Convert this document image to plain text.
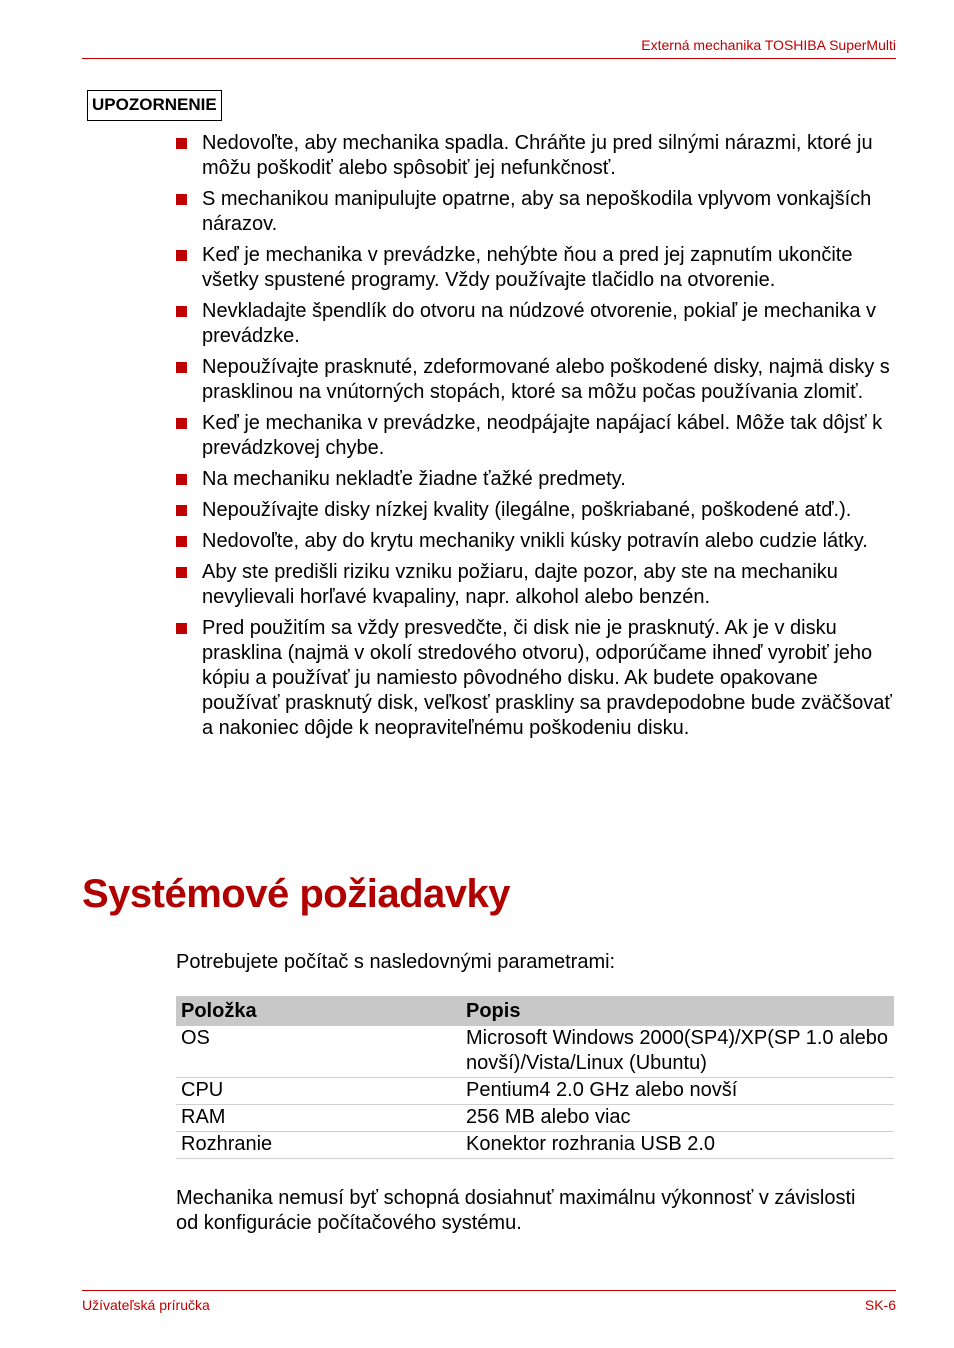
Externá mechanika TOSHIBA SuperMulti
UPOZORNENIE
Nedovoľte, aby mechanika spadla. Chráňte ju pred silnými nárazmi, ktoré ju môžu poškodiť alebo spôsobiť jej nefunkčnosť.
S mechanikou manipulujte opatrne, aby sa nepoškodila vplyvom vonkajších nárazov.
Keď je mechanika v prevádzke, nehýbte ňou a pred jej zapnutím ukončite všetky spustené programy. Vždy používajte tlačidlo na otvorenie.
Nevkladajte špendlík do otvoru na núdzové otvorenie, pokiaľ je mechanika v prevádzke.
Nepoužívajte prasknuté, zdeformované alebo poškodené disky, najmä disky s prasklinou na vnútorných stopách, ktoré sa môžu počas používania zlomiť.
Keď je mechanika v prevádzke, neodpájajte napájací kábel. Môže tak dôjsť k prevádzkovej chybe.
Na mechaniku nekladťe žiadne ťažké predmety.
Nepoužívajte disky nízkej kvality (ilegálne, poškriabané, poškodené atď.).
Nedovoľte, aby do krytu mechaniky vnikli kúsky potravín alebo cudzie látky.
Aby ste predišli riziku vzniku požiaru, dajte pozor, aby ste na mechaniku nevylievali horľavé kvapaliny, napr. alkohol alebo benzén.
Pred použitím sa vždy presvedčte, či disk nie je prasknutý. Ak je v disku prasklina (najmä v okolí stredového otvoru), odporúčame ihneď vyrobiť jeho kópiu a používať ju namiesto pôvodného disku. Ak budete opakovane používať prasknutý disk, veľkosť praskliny sa pravdepodobne bude zväčšovať a nakoniec dôjde k neopraviteľnému poškodeniu disku.
Systémové požiadavky

Potrebujete počítač s nasledovnými parametrami:

Položka	Popis
OS	Microsoft Windows 2000(SP4)/XP(SP 1.0 alebo novší)/Vista/Linux (Ubuntu)
CPU	Pentium4 2.0 GHz alebo novší
RAM	256 MB alebo viac
Rozhranie	Konektor rozhrania USB 2.0

Mechanika nemusí byť schopná dosiahnuť maximálnu výkonnosť v závislosti od konfigurácie počítačového systému.

Užívateľská príručka	SK-6
